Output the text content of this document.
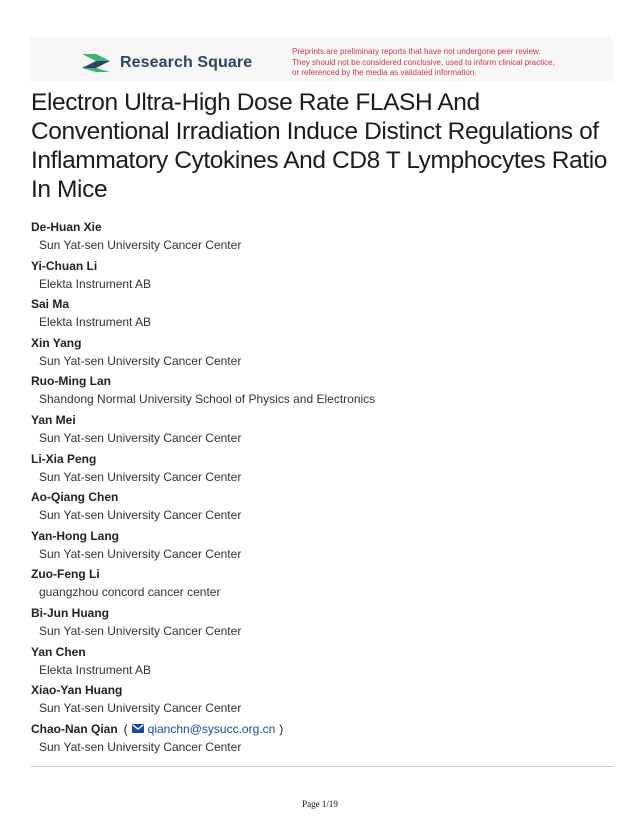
Research Square
Preprints are preliminary reports that have not undergone peer review.
They should not be considered conclusive, used to inform clinical practice,
or referenced by the media as validated information.
Electron Ultra-High Dose Rate FLASH And Conventional Irradiation Induce Distinct Regulations of Inflammatory Cytokines And CD8 T Lymphocytes Ratio In Mice
De-Huan Xie
Sun Yat-sen University Cancer Center
Yi-Chuan Li
Elekta Instrument AB
Sai Ma
Elekta Instrument AB
Xin Yang
Sun Yat-sen University Cancer Center
Ruo-Ming Lan
Shandong Normal University School of Physics and Electronics
Yan Mei
Sun Yat-sen University Cancer Center
Li-Xia Peng
Sun Yat-sen University Cancer Center
Ao-Qiang Chen
Sun Yat-sen University Cancer Center
Yan-Hong Lang
Sun Yat-sen University Cancer Center
Zuo-Feng Li
guangzhou concord cancer center
Bi-Jun Huang
Sun Yat-sen University Cancer Center
Yan Chen
Elekta Instrument AB
Xiao-Yan Huang
Sun Yat-sen University Cancer Center
Chao-Nan Qian ( qianchn@sysucc.org.cn )
Sun Yat-sen University Cancer Center
Page 1/19
